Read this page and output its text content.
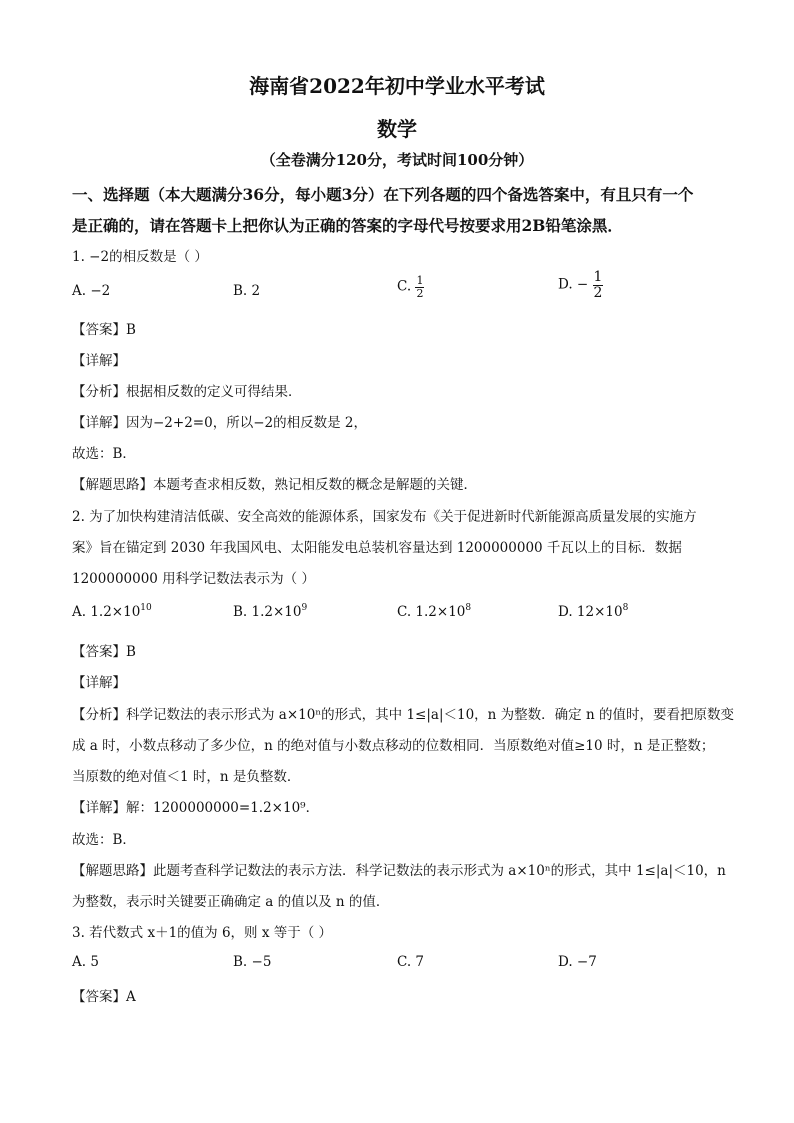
海南省2022年初中学业水平考试
数学
（全卷满分120分，考试时间100分钟）
一、选择题（本大题满分36分，每小题3分）在下列各题的四个备选答案中，有且只有一个
是正确的，请在答题卡上把你认为正确的答案的字母代号按要求用2B铅笔涂黑．
1. −2的相反数是（ ）
A. −2	B. 2	C. $\frac{1}{2}$	D. − $\frac{1}{2}$
【答案】B
【详解】
【分析】根据相反数的定义可得结果．
【详解】因为−2+2=0，所以−2的相反数是 2，
故选：B．
【解题思路】本题考查求相反数，熟记相反数的概念是解题的关键．
2. 为了加快构建清洁低碳、安全高效的能源体系，国家发布《关于促进新时代新能源高质量发展的实施方
案》旨在锚定到 2030 年我国风电、太阳能发电总装机容量达到 1200000000 千瓦以上的目标．数据
1200000000 用科学记数法表示为（ ）
A. $1.2\times 10^{10}$	B. $1.2\times 10^9$	C. $1.2\times 10^8$	D. $12\times 10^8$
【答案】B
【详解】
【分析】科学记数法的表示形式为 a×10ⁿ的形式，其中 1≤|a|＜10，n 为整数．确定 n 的值时，要看把原数变
成 a 时，小数点移动了多少位，n 的绝对值与小数点移动的位数相同．当原数绝对值≥10 时，n 是正整数；
当原数的绝对值＜1 时，n 是负整数．
【详解】解：1200000000=1.2×10⁹．
故选：B．
【解题思路】此题考查科学记数法的表示方法．科学记数法的表示形式为 a×10ⁿ的形式，其中 1≤|a|＜10，n
为整数，表示时关键要正确确定 a 的值以及 n 的值．
3. 若代数式 x＋1的值为 6，则 x 等于（ ）
A. 5	B. −5	C. 7	D. −7
【答案】A
